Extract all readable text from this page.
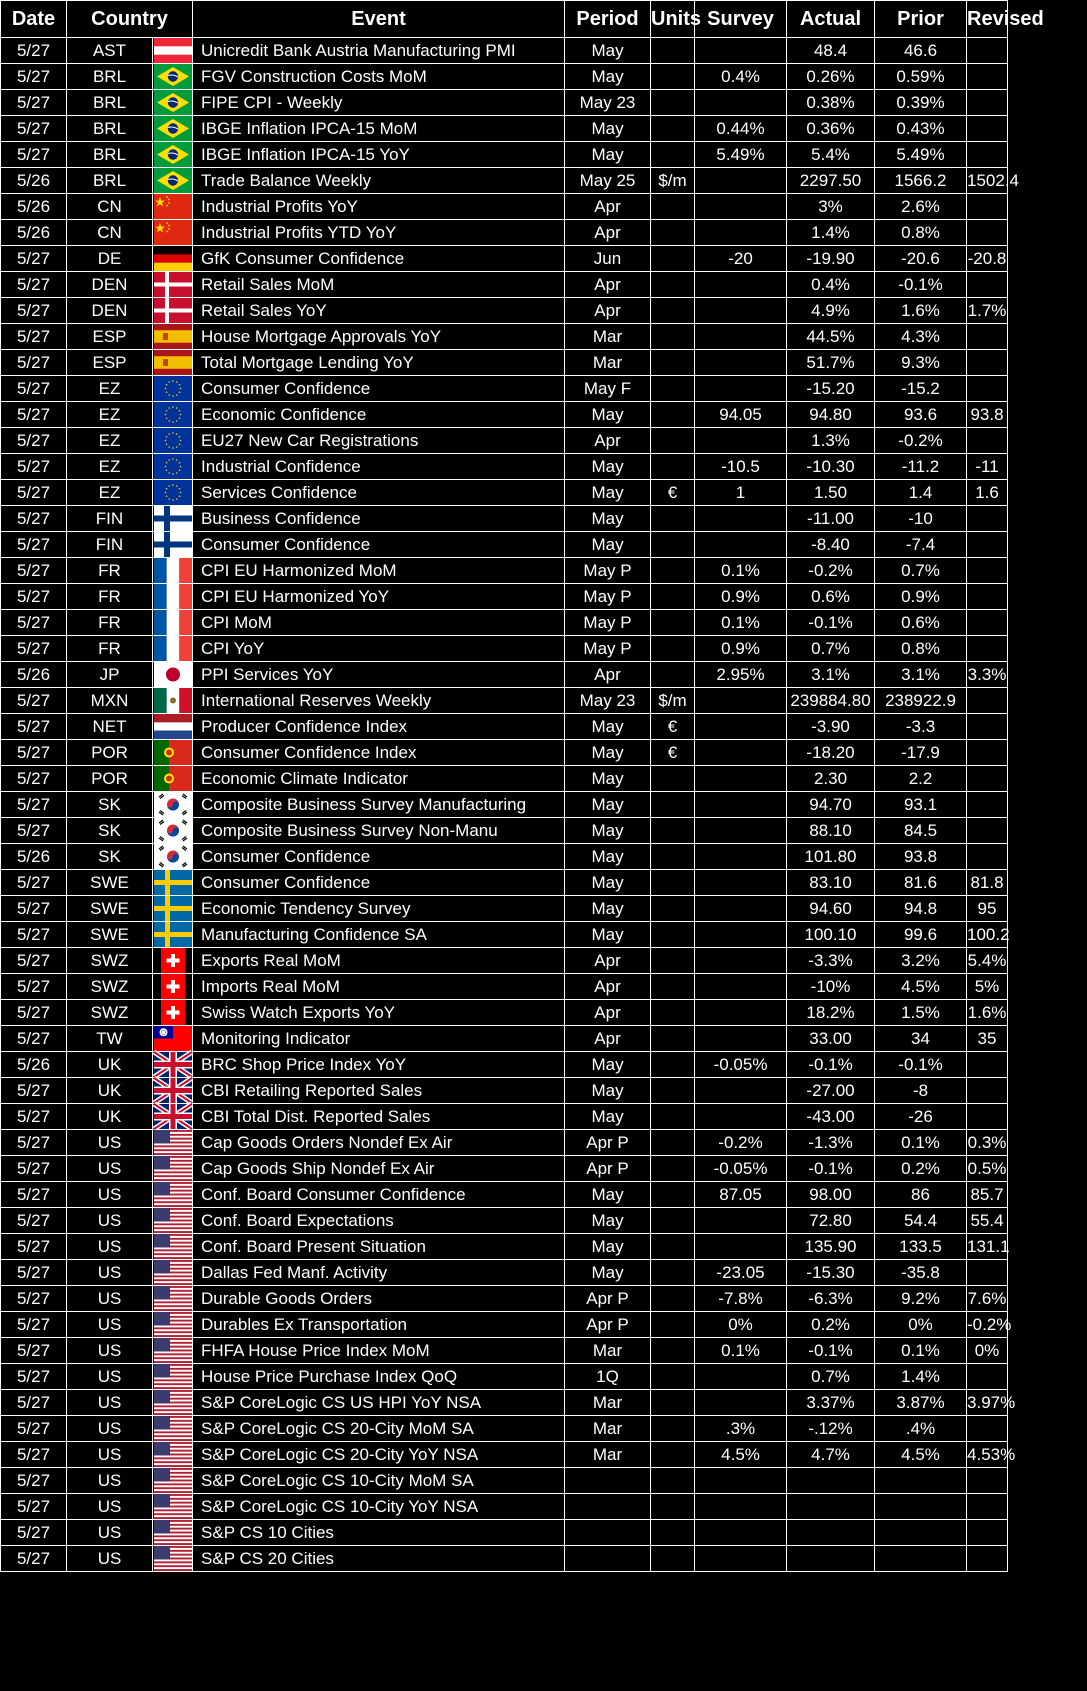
Date	Country		Event	Period	Units	Survey	Actual	Prior	Revised
5/27	AST		Unicredit Bank Austria Manufacturing PMI	May			48.4	46.6	
5/27	BRL		FGV Construction Costs MoM	May		0.4%	0.26%	0.59%	
5/27	BRL		FIPE CPI - Weekly	May 23			0.38%	0.39%	
5/27	BRL		IBGE Inflation IPCA-15 MoM	May		0.44%	0.36%	0.43%	
5/27	BRL		IBGE Inflation IPCA-15 YoY	May		5.49%	5.4%	5.49%	
5/26	BRL		Trade Balance Weekly	May 25	$/m		2297.50	1566.2	1502.4
5/26	CN		Industrial Profits YoY	Apr			3%	2.6%	
5/26	CN		Industrial Profits YTD YoY	Apr			1.4%	0.8%	
5/27	DE		GfK Consumer Confidence	Jun		-20	-19.90	-20.6	-20.8
5/27	DEN		Retail Sales MoM	Apr			0.4%	-0.1%	
5/27	DEN		Retail Sales YoY	Apr			4.9%	1.6%	1.7%
5/27	ESP		House Mortgage Approvals YoY	Mar			44.5%	4.3%	
5/27	ESP		Total Mortgage Lending YoY	Mar			51.7%	9.3%	
5/27	EZ		Consumer Confidence	May F			-15.20	-15.2	
5/27	EZ		Economic Confidence	May		94.05	94.80	93.6	93.8
5/27	EZ		EU27 New Car Registrations	Apr			1.3%	-0.2%	
5/27	EZ		Industrial Confidence	May		-10.5	-10.30	-11.2	-11
5/27	EZ		Services Confidence	May	€	1	1.50	1.4	1.6
5/27	FIN		Business Confidence	May			-11.00	-10	
5/27	FIN		Consumer Confidence	May			-8.40	-7.4	
5/27	FR		CPI EU Harmonized MoM	May P		0.1%	-0.2%	0.7%	
5/27	FR		CPI EU Harmonized YoY	May P		0.9%	0.6%	0.9%	
5/27	FR		CPI MoM	May P		0.1%	-0.1%	0.6%	
5/27	FR		CPI YoY	May P		0.9%	0.7%	0.8%	
5/26	JP		PPI Services YoY	Apr		2.95%	3.1%	3.1%	3.3%
5/27	MXN		International Reserves Weekly	May 23	$/m		239884.80	238922.9	
5/27	NET		Producer Confidence Index	May	€		-3.90	-3.3	
5/27	POR		Consumer Confidence Index	May	€		-18.20	-17.9	
5/27	POR		Economic Climate Indicator	May			2.30	2.2	
5/27	SK		Composite Business Survey Manufacturing	May			94.70	93.1	
5/27	SK		Composite Business Survey Non-Manu	May			88.10	84.5	
5/26	SK		Consumer Confidence	May			101.80	93.8	
5/27	SWE		Consumer Confidence	May			83.10	81.6	81.8
5/27	SWE		Economic Tendency Survey	May			94.60	94.8	95
5/27	SWE		Manufacturing Confidence SA	May			100.10	99.6	100.2
5/27	SWZ		Exports Real MoM	Apr			-3.3%	3.2%	5.4%
5/27	SWZ		Imports Real MoM	Apr			-10%	4.5%	5%
5/27	SWZ		Swiss Watch Exports YoY	Apr			18.2%	1.5%	1.6%
5/27	TW		Monitoring Indicator	Apr			33.00	34	35
5/26	UK		BRC Shop Price Index YoY	May		-0.05%	-0.1%	-0.1%	
5/27	UK		CBI Retailing Reported Sales	May			-27.00	-8	
5/27	UK		CBI Total Dist. Reported Sales	May			-43.00	-26	
5/27	US		Cap Goods Orders Nondef Ex Air	Apr P		-0.2%	-1.3%	0.1%	0.3%
5/27	US		Cap Goods Ship Nondef Ex Air	Apr P		-0.05%	-0.1%	0.2%	0.5%
5/27	US		Conf. Board Consumer Confidence	May		87.05	98.00	86	85.7
5/27	US		Conf. Board Expectations	May			72.80	54.4	55.4
5/27	US		Conf. Board Present Situation	May			135.90	133.5	131.1
5/27	US		Dallas Fed Manf. Activity	May		-23.05	-15.30	-35.8	
5/27	US		Durable Goods Orders	Apr P		-7.8%	-6.3%	9.2%	7.6%
5/27	US		Durables Ex Transportation	Apr P		0%	0.2%	0%	-0.2%
5/27	US		FHFA House Price Index MoM	Mar		0.1%	-0.1%	0.1%	0%
5/27	US		House Price Purchase Index QoQ	1Q			0.7%	1.4%	
5/27	US		S&P CoreLogic CS US HPI YoY NSA	Mar			3.37%	3.87%	3.97%
5/27	US		S&P CoreLogic CS 20-City MoM SA	Mar		.3%	-.12%	.4%	
5/27	US		S&P CoreLogic CS 20-City YoY NSA	Mar		4.5%	4.7%	4.5%	4.53%
5/27	US		S&P CoreLogic CS 10-City MoM SA						
5/27	US		S&P CoreLogic CS 10-City YoY NSA						
5/27	US		S&P CS 10 Cities						
5/27	US		S&P CS 20 Cities						
